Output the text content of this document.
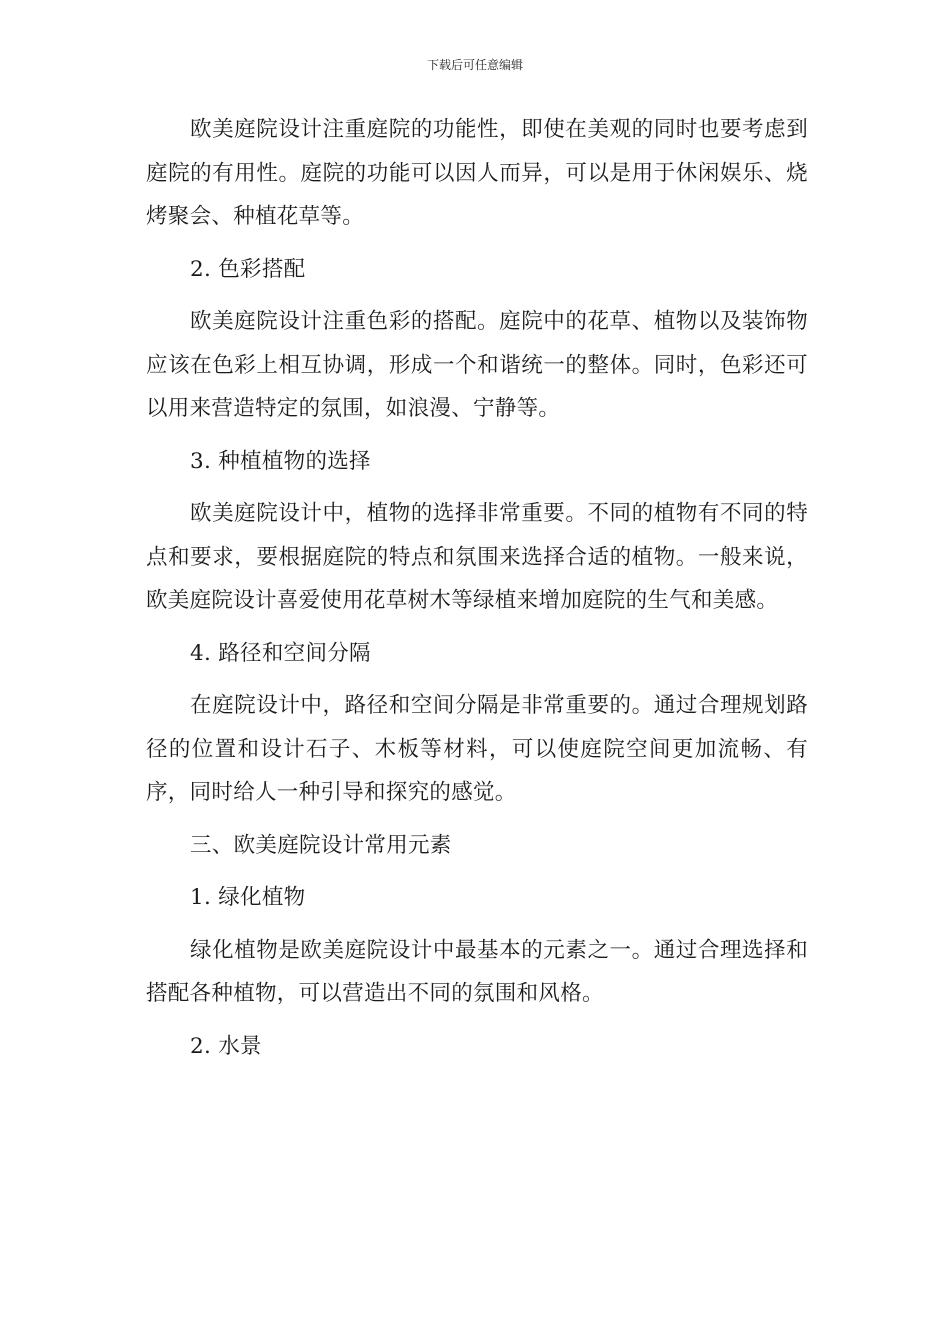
下载后可任意编辑

欧美庭院设计注重庭院的功能性，即使在美观的同时也要考虑到庭院的有用性。庭院的功能可以因人而异，可以是用于休闲娱乐、烧烤聚会、种植花草等。

2. 色彩搭配

欧美庭院设计注重色彩的搭配。庭院中的花草、植物以及装饰物应该在色彩上相互协调，形成一个和谐统一的整体。同时，色彩还可以用来营造特定的氛围，如浪漫、宁静等。

3. 种植植物的选择

欧美庭院设计中，植物的选择非常重要。不同的植物有不同的特点和要求，要根据庭院的特点和氛围来选择合适的植物。一般来说，欧美庭院设计喜爱使用花草树木等绿植来增加庭院的生气和美感。

4. 路径和空间分隔

在庭院设计中，路径和空间分隔是非常重要的。通过合理规划路径的位置和设计石子、木板等材料，可以使庭院空间更加流畅、有序，同时给人一种引导和探究的感觉。

三、欧美庭院设计常用元素
1. 绿化植物

绿化植物是欧美庭院设计中最基本的元素之一。通过合理选择和搭配各种植物，可以营造出不同的氛围和风格。

2. 水景
